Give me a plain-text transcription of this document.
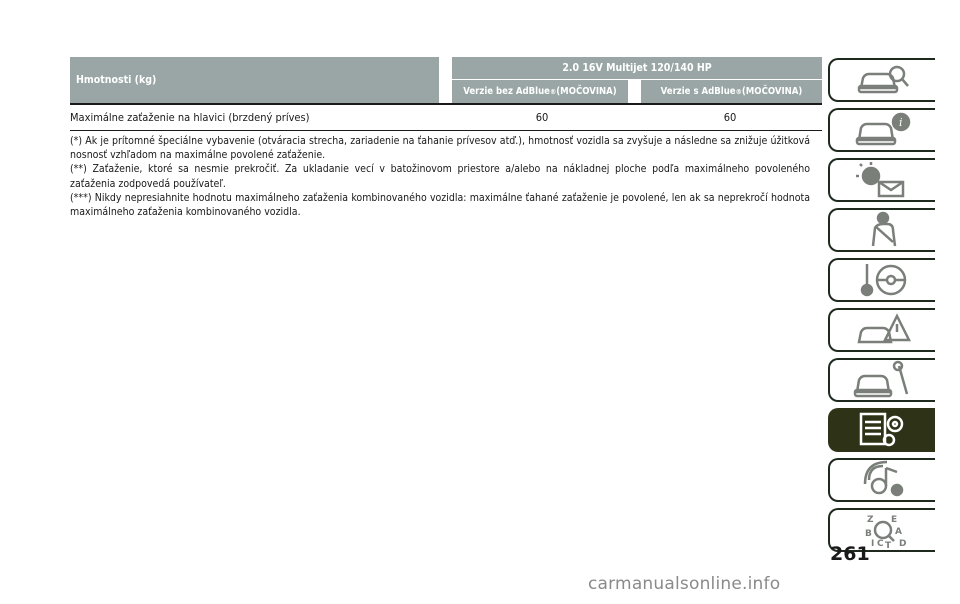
Hmotnosti (kg)
2.0 16V Multijet 120/140 HP
Verzie bez AdBlue ® (MOČOVINA)	Verzie s AdBlue ® (MOČOVINA)
Maximálne zaťaženie na hlavici (brzdený príves)	60	60

(*) Ak je prítomné špeciálne vybavenie (otváracia strecha, zariadenie na ťahanie prívesov atď.), hmotnosť vozidla sa zvyšuje a následne sa znižuje úžitková nosnosť vzhľadom na maximálne povolené zaťaženie.

(**) Zaťaženie, ktoré sa nesmie prekročiť. Za ukladanie vecí v batožinovom priestore a/alebo na nákladnej ploche podľa maximálneho povoleného zaťaženia zodpovedá používateľ.

(***) Nikdy nepresiahnite hodnotu maximálneho zaťaženia kombinovaného vozidla: maximálne ťahané zaťaženie je povolené, len ak sa neprekročí hodnota maximálneho zaťaženia kombinovaného vozidla.

i
Z E
A
B
C D
T
I
261
carmanualsonline.info
